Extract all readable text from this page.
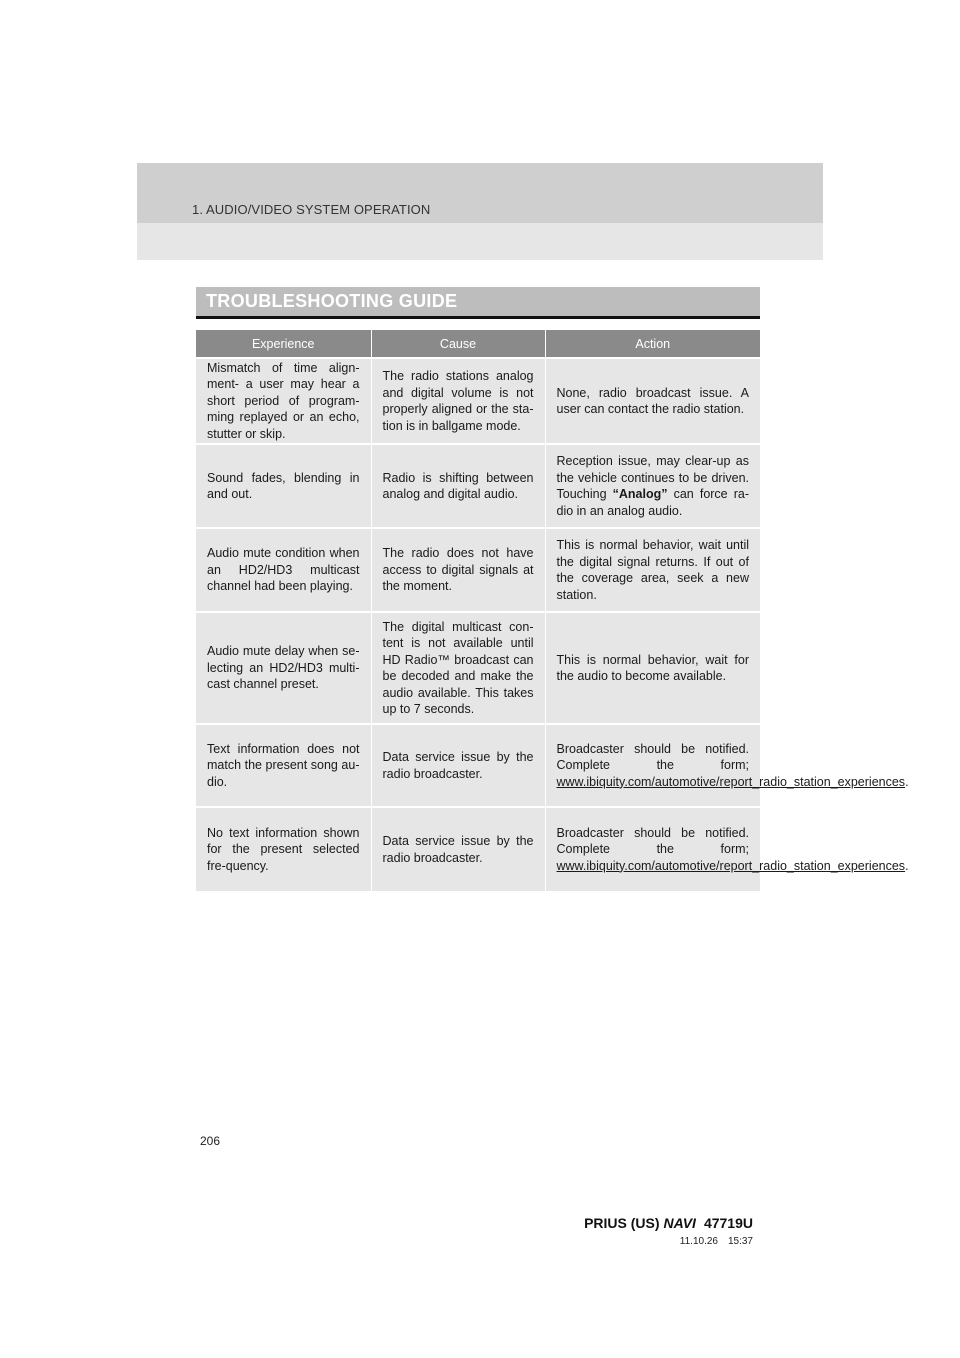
1. AUDIO/VIDEO SYSTEM OPERATION
TROUBLESHOOTING GUIDE
Experience	Cause	Action
Mismatch of time align-ment- a user may hear a short period of program-ming replayed or an echo, stutter or skip.	The radio stations analog and digital volume is not properly aligned or the sta-tion is in ballgame mode.	None, radio broadcast issue. A user can contact the radio station.
Sound fades, blending in and out.	Radio is shifting between analog and digital audio.	Reception issue, may clear-up as the vehicle continues to be driven. Touching “Analog” can force ra-dio in an analog audio.
Audio mute condition when an HD2/HD3 multicast channel had been playing.	The radio does not have access to digital signals at the moment.	This is normal behavior, wait until the digital signal returns. If out of the coverage area, seek a new station.
Audio mute delay when se-lecting an HD2/HD3 multi-cast channel preset.	The digital multicast con-tent is not available until HD Radio™ broadcast can be decoded and make the audio available. This takes up to 7 seconds.	This is normal behavior, wait for the audio to become available.
Text information does not match the present song au-dio.	Data service issue by the radio broadcaster.	Broadcaster should be notified. Complete the form; www.ibiquity.com/automotive/report_radio_station_experiences.
No text information shown for the present selected fre-quency.	Data service issue by the radio broadcaster.	Broadcaster should be notified. Complete the form; www.ibiquity.com/automotive/report_radio_station_experiences.
206
PRIUS (US) NAVI 47719U
11.10.26 15:37
